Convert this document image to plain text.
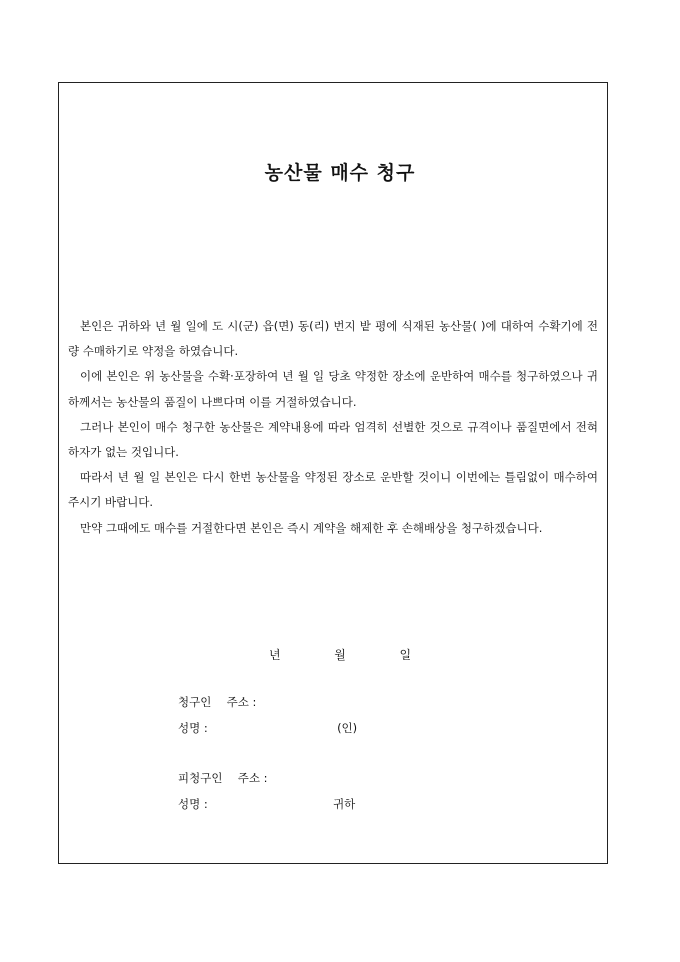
농산물 매수 청구

본인은 귀하와 년 월 일에 도 시(군) 읍(면) 동(리) 번지 밭 평에 식재된 농산물( )에 대하여 수확기에 전량 수매하기로 약정을 하였습니다.

이에 본인은 위 농산물을 수확·포장하여 년 월 일 당초 약정한 장소에 운반하여 매수를 청구하였으나 귀하께서는 농산물의 품질이 나쁘다며 이를 거절하였습니다.

그러나 본인이 매수 청구한 농산물은 계약내용에 따라 엄격히 선별한 것으로 규격이나 품질면에서 전혀 하자가 없는 것입니다.

따라서 년 월 일 본인은 다시 한번 농산물을 약정된 장소로 운반할 것이니 이번에는 틀림없이 매수하여 주시기 바랍니다.

만약 그때에도 매수를 거절한다면 본인은 즉시 계약을 해제한 후 손해배상을 청구하겠습니다.

년	월	일
청구인 주소 :
성명 :	(인)
피청구인 주소 :
성명 :	귀하
